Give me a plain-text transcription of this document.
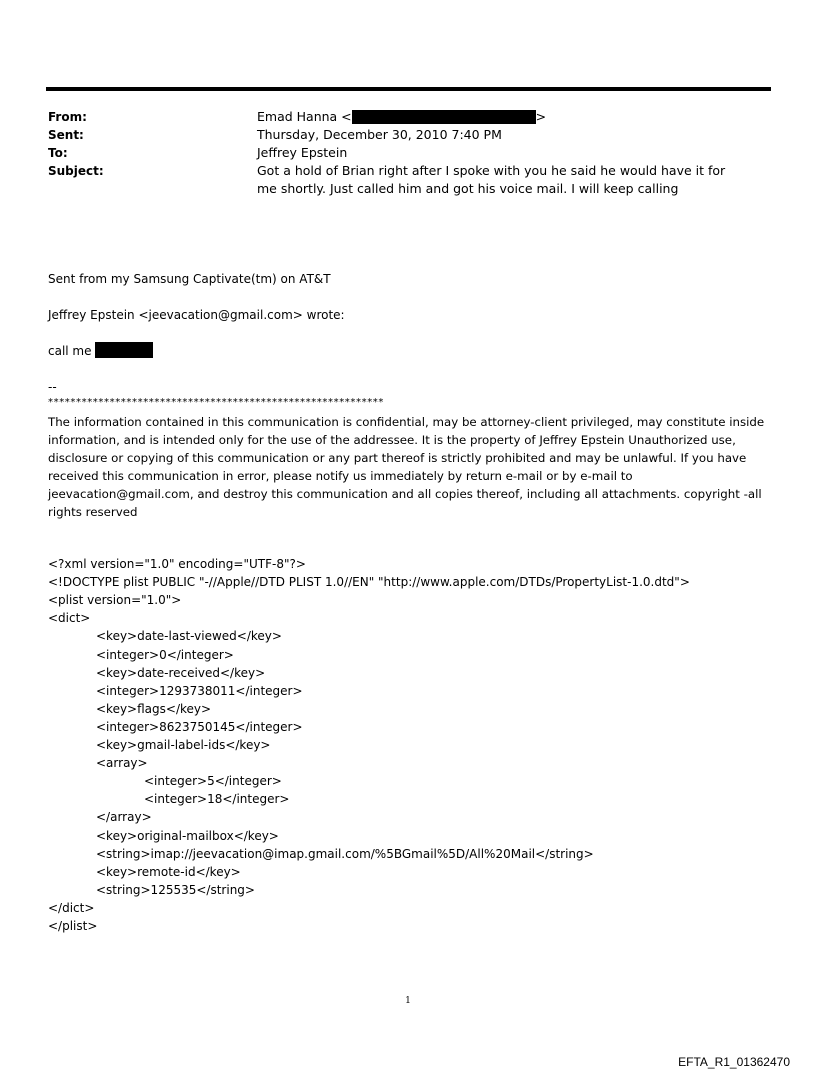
From:	Emad Hanna <	>
Sent:	Thursday, December 30, 2010 7:40 PM
To:	Jeffrey Epstein
Subject:	Got a hold of Brian right after I spoke with you he said he would have it for me shortly. Just called him and got his voice mail. I will keep calling

Sent from my Samsung Captivate(tm) on AT&T

Jeffrey Epstein <jeevacation@gmail.com> wrote:

call me

--

************************************************************

The information contained in this communication is confidential, may be attorney-client privileged, may constitute inside information, and is intended only for the use of the addressee. It is the property of Jeffrey Epstein Unauthorized use, disclosure or copying of this communication or any part thereof is strictly prohibited and may be unlawful. If you have received this communication in error, please notify us immediately by return e-mail or by e-mail to jeevacation@gmail.com, and destroy this communication and all copies thereof, including all attachments. copyright -all rights reserved

<?xml version="1.0" encoding="UTF-8"?>
<!DOCTYPE plist PUBLIC "-//Apple//DTD PLIST 1.0//EN" "http://www.apple.com/DTDs/PropertyList-1.0.dtd">
<plist version="1.0">
<dict>
<key>date-last-viewed</key>
<integer>0</integer>
<key>date-received</key>
<integer>1293738011</integer>
<key>flags</key>
<integer>8623750145</integer>
<key>gmail-label-ids</key>
<array>
<integer>5</integer>
<integer>18</integer>
</array>
<key>original-mailbox</key>
<string>imap://jeevacation@imap.gmail.com/%5BGmail%5D/All%20Mail</string>
<key>remote-id</key>
<string>125535</string>
</dict>
</plist>
1
EFTA_R1_01362470
